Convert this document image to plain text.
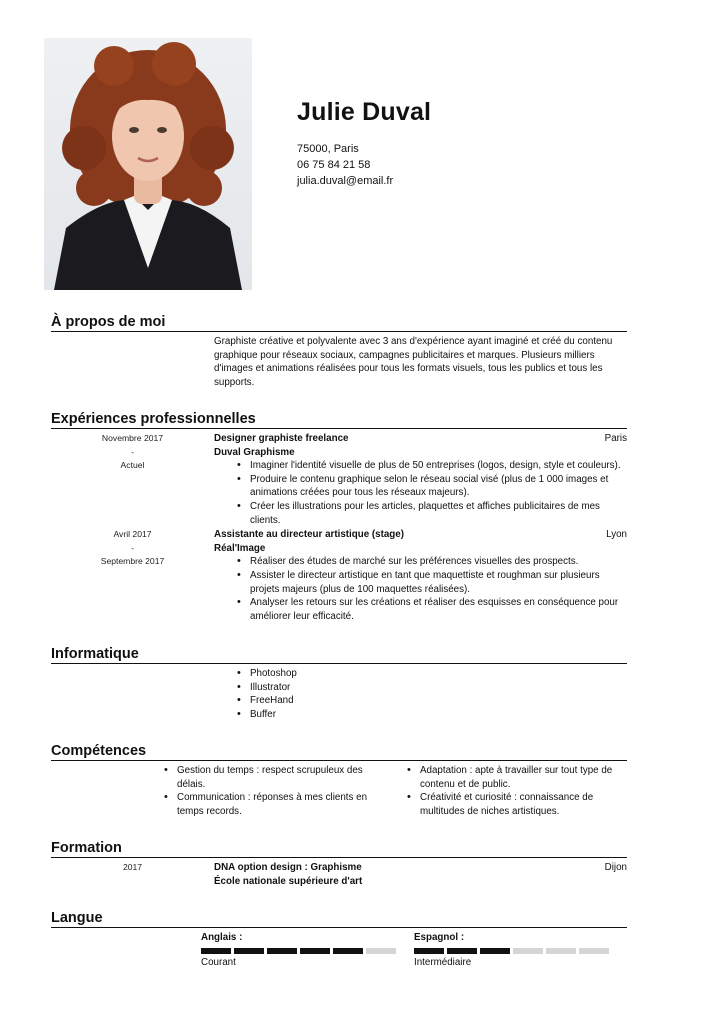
Julie Duval
75000, Paris
06 75 84 21 58
julia.duval@email.fr
À propos de moi
Graphiste créative et polyvalente avec 3 ans d'expérience ayant imaginé et créé du contenu graphique pour réseaux sociaux, campagnes publicitaires et marques. Plusieurs milliers d'images et animations réalisées pour tous les formats visuels, tous les publics et tous les supports.
Expériences professionnelles
Novembre 2017
-
Actuel
Designer graphiste freelance	Paris
Duval Graphisme
• Imaginer l'identité visuelle de plus de 50 entreprises (logos, design, style et couleurs).
• Produire le contenu graphique selon le réseau social visé (plus de 1 000 images et animations créées pour tous les réseaux majeurs).
• Créer les illustrations pour les articles, plaquettes et affiches publicitaires de mes clients.
Avril 2017
-
Septembre 2017
Assistante au directeur artistique (stage)	Lyon
Réal'Image
• Réaliser des études de marché sur les préférences visuelles des prospects.
• Assister le directeur artistique en tant que maquettiste et roughman sur plusieurs projets majeurs (plus de 100 maquettes réalisées).
• Analyser les retours sur les créations et réaliser des esquisses en conséquence pour améliorer leur efficacité.
Informatique
• Photoshop
• Illustrator
• FreeHand
• Buffer
Compétences
• Gestion du temps : respect scrupuleux des délais.
• Communication : réponses à mes clients en temps records.
• Adaptation : apte à travailler sur tout type de contenu et de public.
• Créativité et curiosité : connaissance de multitudes de niches artistiques.
Formation
2017	DNA option design : Graphisme	Dijon
École nationale supérieure d'art
Langue
Anglais :
Courant
Espagnol :
Intermédiaire
